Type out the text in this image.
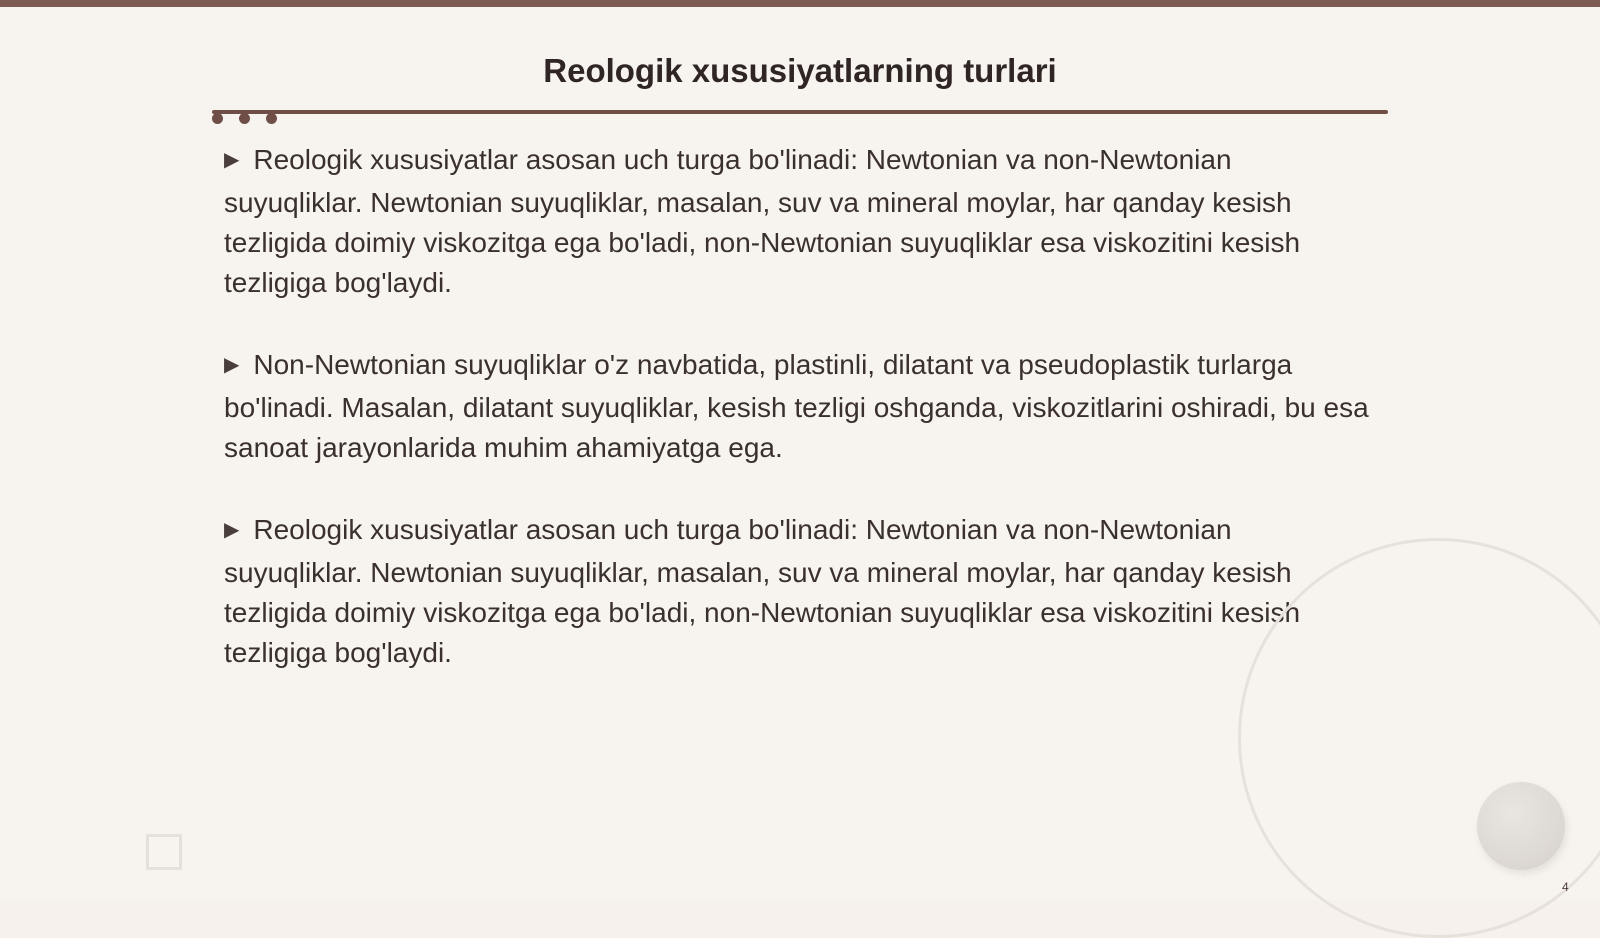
Reologik xususiyatlarning turlari

▶ Reologik xususiyatlar asosan uch turga bo'linadi: Newtonian va non-Newtonian suyuqliklar. Newtonian suyuqliklar, masalan, suv va mineral moylar, har qanday kesish tezligida doimiy viskozitga ega bo'ladi, non-Newtonian suyuqliklar esa viskozitini kesish tezligiga bog'laydi.

▶ Non-Newtonian suyuqliklar o'z navbatida, plastinli, dilatant va pseudoplastik turlarga bo'linadi. Masalan, dilatant suyuqliklar, kesish tezligi oshganda, viskozitlarini oshiradi, bu esa sanoat jarayonlarida muhim ahamiyatga ega.

▶ Reologik xususiyatlar asosan uch turga bo'linadi: Newtonian va non-Newtonian suyuqliklar. Newtonian suyuqliklar, masalan, suv va mineral moylar, har qanday kesish tezligida doimiy viskozitga ega bo'ladi, non-Newtonian suyuqliklar esa viskozitini kesish tezligiga bog'laydi.

4
